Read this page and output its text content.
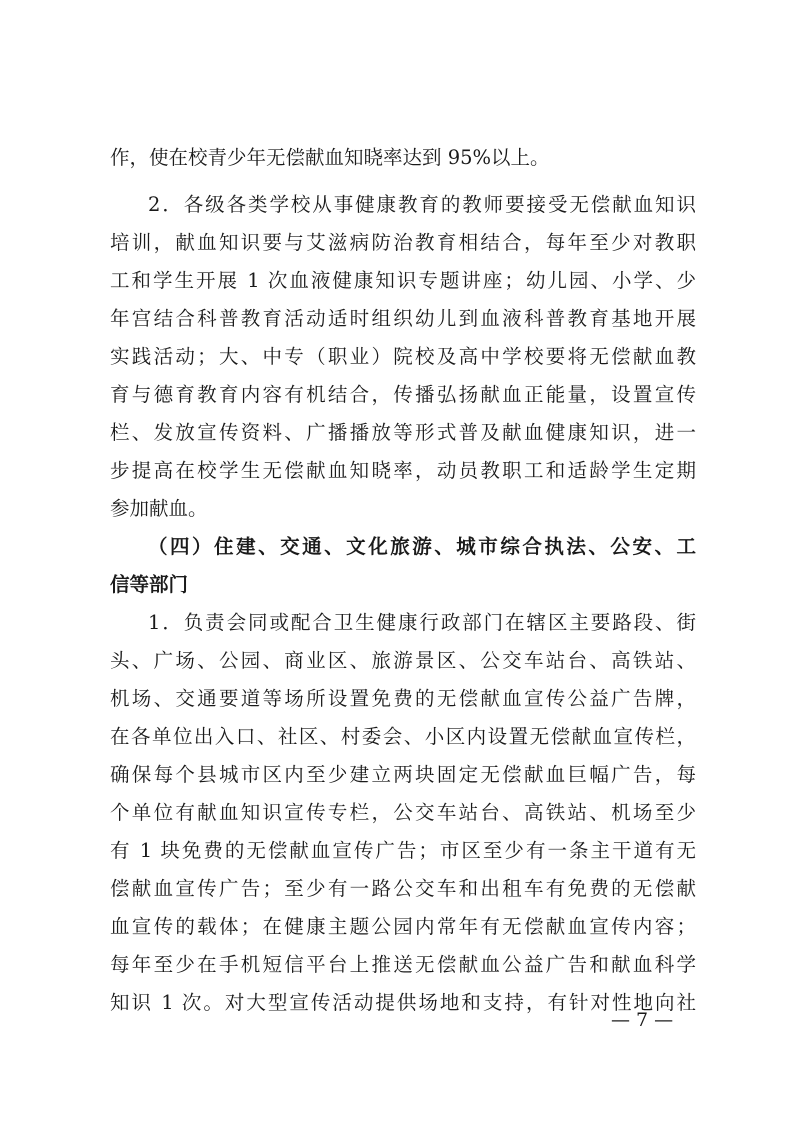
作，使在校青少年无偿献血知晓率达到 95%以上。
2．各级各类学校从事健康教育的教师要接受无偿献血知识
培训，献血知识要与艾滋病防治教育相结合，每年至少对教职
工和学生开展 1 次血液健康知识专题讲座；幼儿园、小学、少
年宫结合科普教育活动适时组织幼儿到血液科普教育基地开展
实践活动；大、中专（职业）院校及高中学校要将无偿献血教
育与德育教育内容有机结合，传播弘扬献血正能量，设置宣传
栏、发放宣传资料、广播播放等形式普及献血健康知识，进一
步提高在校学生无偿献血知晓率，动员教职工和适龄学生定期
参加献血。
（四）住建、交通、文化旅游、城市综合执法、公安、工
信等部门
1．负责会同或配合卫生健康行政部门在辖区主要路段、街
头、广场、公园、商业区、旅游景区、公交车站台、高铁站、
机场、交通要道等场所设置免费的无偿献血宣传公益广告牌，
在各单位出入口、社区、村委会、小区内设置无偿献血宣传栏，
确保每个县城市区内至少建立两块固定无偿献血巨幅广告，每
个单位有献血知识宣传专栏，公交车站台、高铁站、机场至少
有 1 块免费的无偿献血宣传广告；市区至少有一条主干道有无
偿献血宣传广告；至少有一路公交车和出租车有免费的无偿献
血宣传的载体；在健康主题公园内常年有无偿献血宣传内容；
每年至少在手机短信平台上推送无偿献血公益广告和献血科学
知识 1 次。对大型宣传活动提供场地和支持，有针对性地向社
— 7 —
